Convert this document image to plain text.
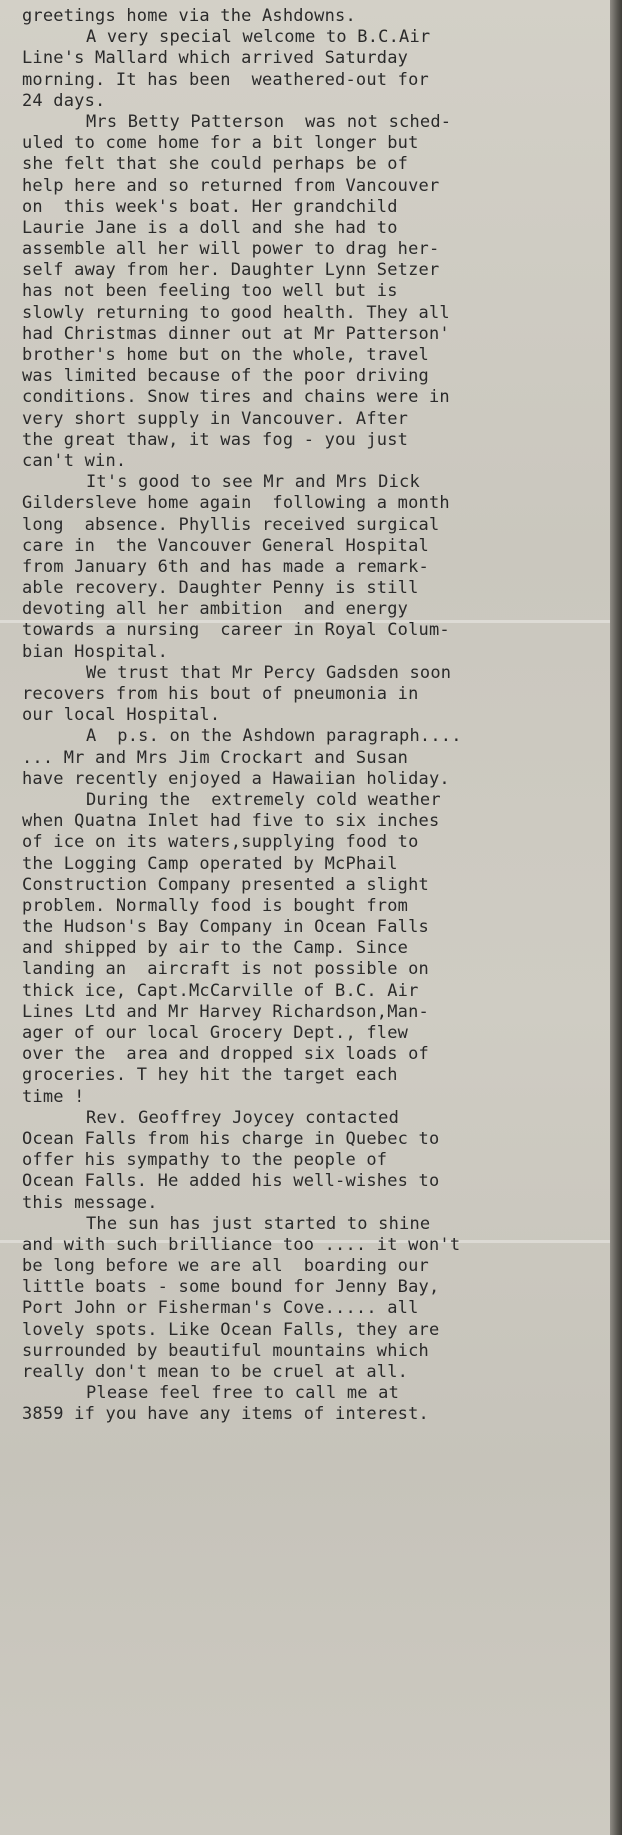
greetings home via the Ashdowns.
A very special welcome to B.C.Air
Line's Mallard which arrived Saturday
morning. It has been  weathered-out for
24 days.
Mrs Betty Patterson  was not sched-
uled to come home for a bit longer but
she felt that she could perhaps be of
help here and so returned from Vancouver
on  this week's boat. Her grandchild
Laurie Jane is a doll and she had to
assemble all her will power to drag her-
self away from her. Daughter Lynn Setzer
has not been feeling too well but is
slowly returning to good health. They all
had Christmas dinner out at Mr Patterson'
brother's home but on the whole, travel
was limited because of the poor driving
conditions. Snow tires and chains were in
very short supply in Vancouver. After
the great thaw, it was fog - you just
can't win.
It's good to see Mr and Mrs Dick
Gildersleve home again  following a month
long  absence. Phyllis received surgical
care in  the Vancouver General Hospital
from January 6th and has made a remark-
able recovery. Daughter Penny is still
devoting all her ambition  and energy
towards a nursing  career in Royal Colum-
bian Hospital.
We trust that Mr Percy Gadsden soon
recovers from his bout of pneumonia in
our local Hospital.
A  p.s. on the Ashdown paragraph....
... Mr and Mrs Jim Crockart and Susan
have recently enjoyed a Hawaiian holiday.
During the  extremely cold weather
when Quatna Inlet had five to six inches
of ice on its waters,supplying food to
the Logging Camp operated by McPhail
Construction Company presented a slight
problem. Normally food is bought from
the Hudson's Bay Company in Ocean Falls
and shipped by air to the Camp. Since
landing an  aircraft is not possible on
thick ice, Capt.McCarville of B.C. Air
Lines Ltd and Mr Harvey Richardson,Man-
ager of our local Grocery Dept., flew
over the  area and dropped six loads of
groceries. T hey hit the target each
time !
Rev. Geoffrey Joycey contacted
Ocean Falls from his charge in Quebec to
offer his sympathy to the people of
Ocean Falls. He added his well-wishes to
this message.
The sun has just started to shine
and with such brilliance too .... it won't
be long before we are all  boarding our
little boats - some bound for Jenny Bay,
Port John or Fisherman's Cove..... all
lovely spots. Like Ocean Falls, they are
surrounded by beautiful mountains which
really don't mean to be cruel at all.
Please feel free to call me at
3859 if you have any items of interest.
